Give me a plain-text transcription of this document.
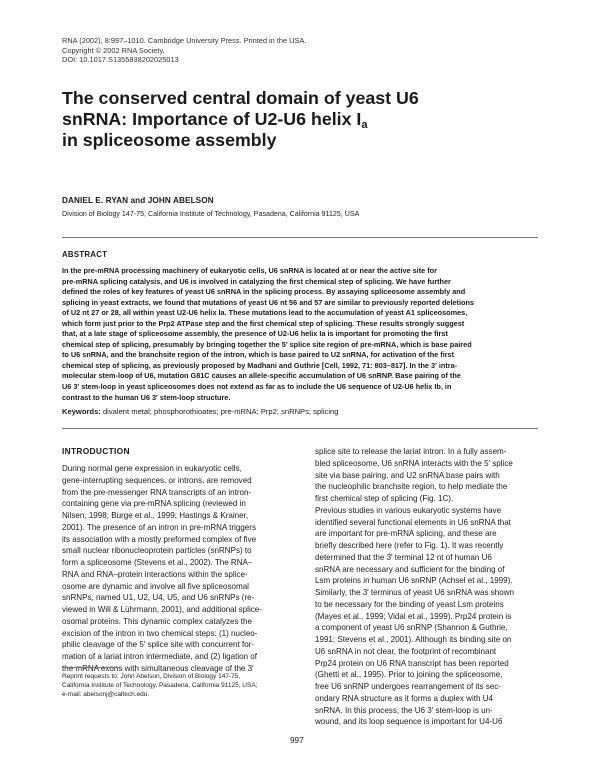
RNA (2002), 8:997–1010. Cambridge University Press. Printed in the USA.
Copyright © 2002 RNA Society.
DOI: 10.1017.S1355838202025013
The conserved central domain of yeast U6
snRNA: Importance of U2-U6 helix $I_a$
in spliceosome assembly
DANIEL E. RYAN and JOHN ABELSON
Division of Biology 147-75, California Institute of Technology, Pasadena, California 91125, USA
ABSTRACT
In the pre-mRNA processing machinery of eukaryotic cells, U6 snRNA is located at or near the active site for
pre-mRNA splicing catalysis, and U6 is involved in catalyzing the first chemical step of splicing. We have further
defined the roles of key features of yeast U6 snRNA in the splicing process. By assaying spliceosome assembly and
splicing in yeast extracts, we found that mutations of yeast U6 nt 56 and 57 are similar to previously reported deletions
of U2 nt 27 or 28, all within yeast U2-U6 helix Ia. These mutations lead to the accumulation of yeast A1 spliceosomes,
which form just prior to the Prp2 ATPase step and the first chemical step of splicing. These results strongly suggest
that, at a late stage of spliceosome assembly, the presence of U2-U6 helix Ia is important for promoting the first
chemical step of splicing, presumably by bringing together the 5′ splice site region of pre-mRNA, which is base paired
to U6 snRNA, and the branchsite region of the intron, which is base paired to U2 snRNA, for activation of the first
chemical step of splicing, as previously proposed by Madhani and Guthrie [Cell, 1992, 71: 803–817]. In the 3′ intra-
molecular stem-loop of U6, mutation G81C causes an allele-specific accumulation of U6 snRNP. Base pairing of the
U6 3′ stem-loop in yeast spliceosomes does not extend as far as to include the U6 sequence of U2-U6 helix Ib, in
contrast to the human U6 3′ stem-loop structure.
Keywords: divalent metal; phosphorothioates; pre-mRNA; Prp2; snRNPs; splicing
INTRODUCTION
During normal gene expression in eukaryotic cells,
gene-interrupting sequences, or introns, are removed
from the pre-messenger RNA transcripts of an intron-
containing gene via pre-mRNA splicing (reviewed in
Nilsen, 1998; Burge et al., 1999; Hastings & Krainer,
2001). The presence of an intron in pre-mRNA triggers
its association with a mostly preformed complex of five
small nuclear ribonucleoprotein particles (snRNPs) to
form a spliceosome (Stevens et al., 2002). The RNA–
RNA and RNA–protein interactions within the splice-
osome are dynamic and involve all five spliceosomal
snRNPs, named U1, U2, U4, U5, and U6 snRNPs (re-
viewed in Will & Lührmann, 2001), and additional splice-
osomal proteins. This dynamic complex catalyzes the
excision of the intron in two chemical steps: (1) nucleo-
philic cleavage of the 5′ splice site with concurrent for-
mation of a lariat intron intermediate, and (2) ligation of
the mRNA exons with simultaneous cleavage of the 3′
splice site to release the lariat intron. In a fully assem-
bled spliceosome, U6 snRNA interacts with the 5′ splice
site via base pairing, and U2 snRNA base pairs with
the nucleophilic branchsite region, to help mediate the
first chemical step of splicing (Fig. 1C).
Previous studies in various eukaryotic systems have
identified several functional elements in U6 snRNA that
are important for pre-mRNA splicing, and these are
briefly described here (refer to Fig. 1). It was recently
determined that the 3′ terminal 12 nt of human U6
snRNA are necessary and sufficient for the binding of
Lsm proteins in human U6 snRNP (Achsel et al., 1999).
Similarly, the 3′ terminus of yeast U6 snRNA was shown
to be necessary for the binding of yeast Lsm proteins
(Mayes et al., 1999; Vidal et al., 1999). Prp24 protein is
a component of yeast U6 snRNP (Shannon & Guthrie,
1991; Stevens et al., 2001). Although its binding site on
U6 snRNA in not clear, the footprint of recombinant
Prp24 protein on U6 RNA transcript has been reported
(Ghetti et al., 1995). Prior to joining the spliceosome,
free U6 snRNP undergoes rearrangement of its sec-
ondary RNA structure as it forms a duplex with U4
snRNA. In this process, the U6 3′ stem-loop is un-
wound, and its loop sequence is important for U4-U6
Reprint requests to: John Abelson, Division of Biology 147-75,
California Institute of Technology, Pasadena, California 91125, USA;
e-mail: abelsonj@caltech.edu.
997
